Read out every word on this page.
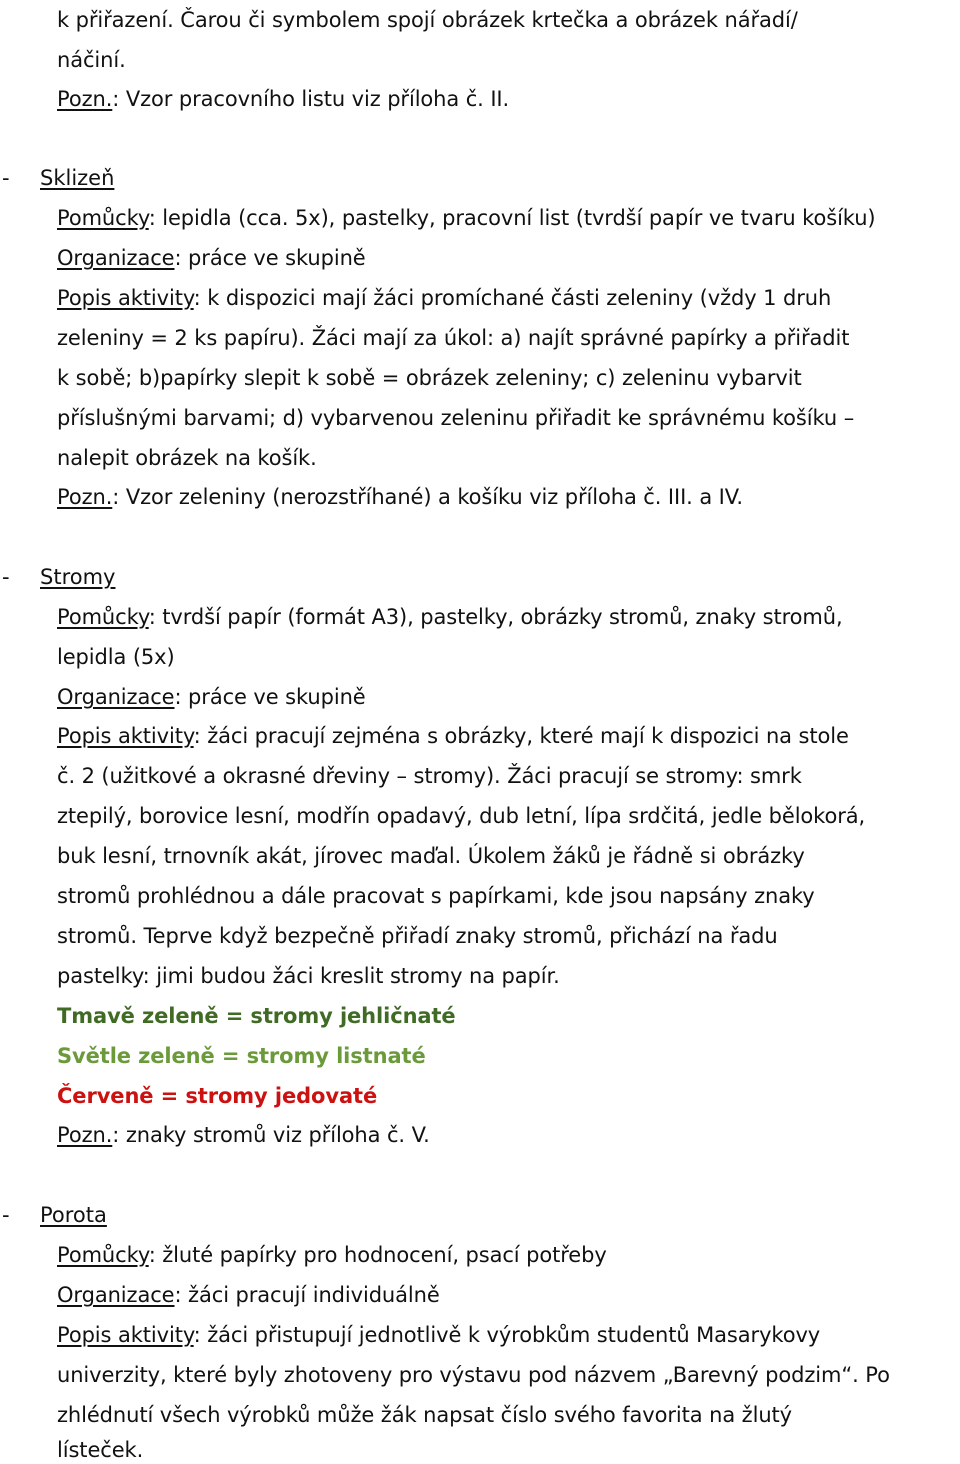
k přiřazení. Čarou či symbolem spojí obrázek krtečka a obrázek nářadí/
náčiní.
Pozn.: Vzor pracovního listu viz příloha č. II.
- Sklizeň
Pomůcky: lepidla (cca. 5x), pastelky, pracovní list (tvrdší papír ve tvaru košíku)
Organizace: práce ve skupině
Popis aktivity: k dispozici mají žáci promíchané části zeleniny (vždy 1 druh
zeleniny = 2 ks papíru). Žáci mají za úkol: a) najít správné papírky a přiřadit
k sobě; b)papírky slepit k sobě = obrázek zeleniny; c) zeleninu vybarvit
příslušnými barvami; d) vybarvenou zeleninu přiřadit ke správnému košíku –
nalepit obrázek na košík.
Pozn.: Vzor zeleniny (nerozstříhané) a košíku viz příloha č. III. a IV.
- Stromy
Pomůcky: tvrdší papír (formát A3), pastelky, obrázky stromů, znaky stromů,
lepidla (5x)
Organizace: práce ve skupině
Popis aktivity: žáci pracují zejména s obrázky, které mají k dispozici na stole
č. 2 (užitkové a okrasné dřeviny – stromy). Žáci pracují se stromy: smrk
ztepilý, borovice lesní, modřín opadavý, dub letní, lípa srdčitá, jedle bělokorá,
buk lesní, trnovník akát, jírovec maďal. Úkolem žáků je řádně si obrázky
stromů prohlédnou a dále pracovat s papírkami, kde jsou napsány znaky
stromů. Teprve když bezpečně přiřadí znaky stromů, přichází na řadu
pastelky: jimi budou žáci kreslit stromy na papír.
Tmavě zeleně = stromy jehličnaté
Světle zeleně = stromy listnaté
Červeně = stromy jedovaté
Pozn.: znaky stromů viz příloha č. V.
- Porota
Pomůcky: žluté papírky pro hodnocení, psací potřeby
Organizace: žáci pracují individuálně
Popis aktivity: žáci přistupují jednotlivě k výrobkům studentů Masarykovy
univerzity, které byly zhotoveny pro výstavu pod názvem „Barevný podzim“. Po
zhlédnutí všech výrobků může žák napsat číslo svého favorita na žlutý
lísteček.
